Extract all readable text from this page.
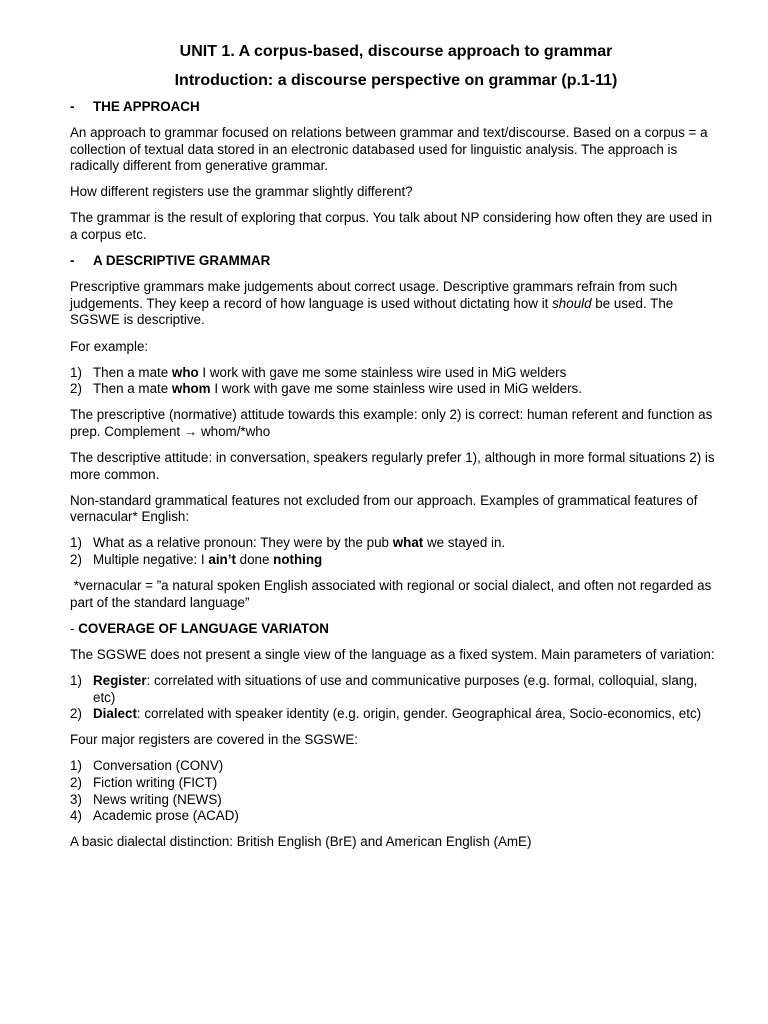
UNIT 1. A corpus-based, discourse approach to grammar
Introduction: a discourse perspective on grammar (p.1-11)
- THE APPROACH
An approach to grammar focused on relations between grammar and text/discourse. Based on a corpus = a collection of textual data stored in an electronic databased used for linguistic analysis. The approach is radically different from generative grammar.
How different registers use the grammar slightly different?
The grammar is the result of exploring that corpus. You talk about NP considering how often they are used in a corpus etc.
- A DESCRIPTIVE GRAMMAR
Prescriptive grammars make judgements about correct usage. Descriptive grammars refrain from such judgements. They keep a record of how language is used without dictating how it should be used. The SGSWE is descriptive.
For example:
1) Then a mate who I work with gave me some stainless wire used in MiG welders
2) Then a mate whom I work with gave me some stainless wire used in MiG welders.
The prescriptive (normative) attitude towards this example: only 2) is correct: human referent and function as prep. Complement → whom/*who
The descriptive attitude: in conversation, speakers regularly prefer 1), although in more formal situations 2) is more common.
Non-standard grammatical features not excluded from our approach. Examples of grammatical features of vernacular* English:
1) What as a relative pronoun: They were by the pub what we stayed in.
2) Multiple negative: I ain’t done nothing
*vernacular = ”a natural spoken English associated with regional or social dialect, and often not regarded as part of the standard language”
- COVERAGE OF LANGUAGE VARIATON
The SGSWE does not present a single view of the language as a fixed system. Main parameters of variation:
1) Register: correlated with situations of use and communicative purposes (e.g. formal, colloquial, slang, etc)
2) Dialect: correlated with speaker identity (e.g. origin, gender. Geographical área, Socio-economics, etc)
Four major registers are covered in the SGSWE:
1) Conversation (CONV)
2) Fiction writing (FICT)
3) News writing (NEWS)
4) Academic prose (ACAD)
A basic dialectal distinction: British English (BrE) and American English (AmE)
